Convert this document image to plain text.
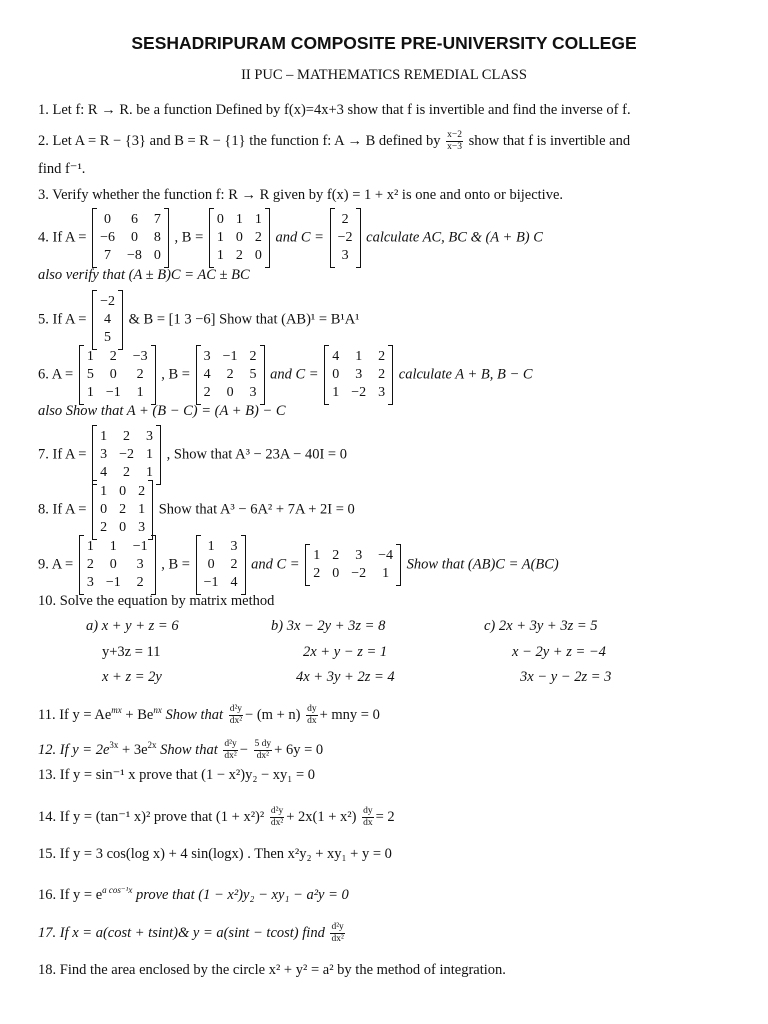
SESHADRIPURAM COMPOSITE PRE-UNIVERSITY COLLEGE
II PUC – MATHEMATICS REMEDIAL CLASS
1. Let f: R → R. be a function Defined by f(x)=4x+3 show that f is invertible and find the inverse of f.
2. Let A = R − {3} and B = R − {1} the function f: A → B defined by $\frac{x-2}{x-3}$ show that f is invertible and
find f⁻¹.
3. Verify whether the function f: R → R given by f(x) = 1 + x² is one and onto or bijective.
4. If A = 0	6	7
−6	0	8
7	−8	0
, B = 0	1	1
1	0	2
1	2	0
and C = 2
−2
3
calculate AC, BC & (A + B) C
also verify that (A ± B)C = AC ± BC
5. If A = −2
4
5
& B = [1 3 −6] Show that (AB)¹ = B¹A¹
6. A = 1	2	−3
5	0	2
1	−1	1
, B = 3	−1	2
4	2	5
2	0	3
and C = 4	1	2
0	3	2
1	−2	3
calculate A + B, B − C
also Show that A + (B − C) = (A + B) − C
7. If A = 1	2	3
3	−2	1
4	2	1
, Show that A³ − 23A − 40I = 0
8. If A = 1	0	2
0	2	1
2	0	3
Show that A³ − 6A² + 7A + 2I = 0
9. A = 1	1	−1
2	0	3
3	−1	2
, B = 1	3
0	2
−1	4
and C = 1	2	3	−4
2	0	−2	1
Show that (AB)C = A(BC)
10. Solve the equation by matrix method
a) x + y + z = 6
y+3z = 11
x + z = 2y
b) 3x − 2y + 3z = 8
2x + y − z = 1
4x + 3y + 2z = 4
c) 2x + 3y + 3z = 5
x − 2y + z = −4
3x − y − 2z = 3
11. If $y = Ae^{mx} + Be^{nx}$ Show that $\frac{\text{d²y}}{\text{dx²}} - (m + n) \frac{dy}{dx}$ + mny = 0
12. If $y = 2e^{3x} + 3e^{2x}$ Show that $\frac{\text{d²y}}{\text{dx²}} - \frac{5 dy}{\text{dx²}} + 6y = 0$
13. If y = sin⁻¹ x prove that (1 − x²)y₂ − xy₁ = 0
14. If y = (tan⁻¹ x)² prove that $(1 + x^2)^2 \frac{\text{d²y}}{\text{dx²}} + 2x(1 + x^2) \frac{dy}{dx} = 2$
15. If y = 3 cos(log x) + 4 sin(logx) . Then x²y₂ + xy₁ + y = 0
16. If $y = e^{a cos^{-1}x}$ prove that (1 − x²)y₂ − xy₁ − a²y = 0
17. If x = a(cost + tsint)& y = a(sint − tcost) find $\frac{\text{d²y}}{\text{dx²}}$
18. Find the area enclosed by the circle x² + y² = a² by the method of integration.
